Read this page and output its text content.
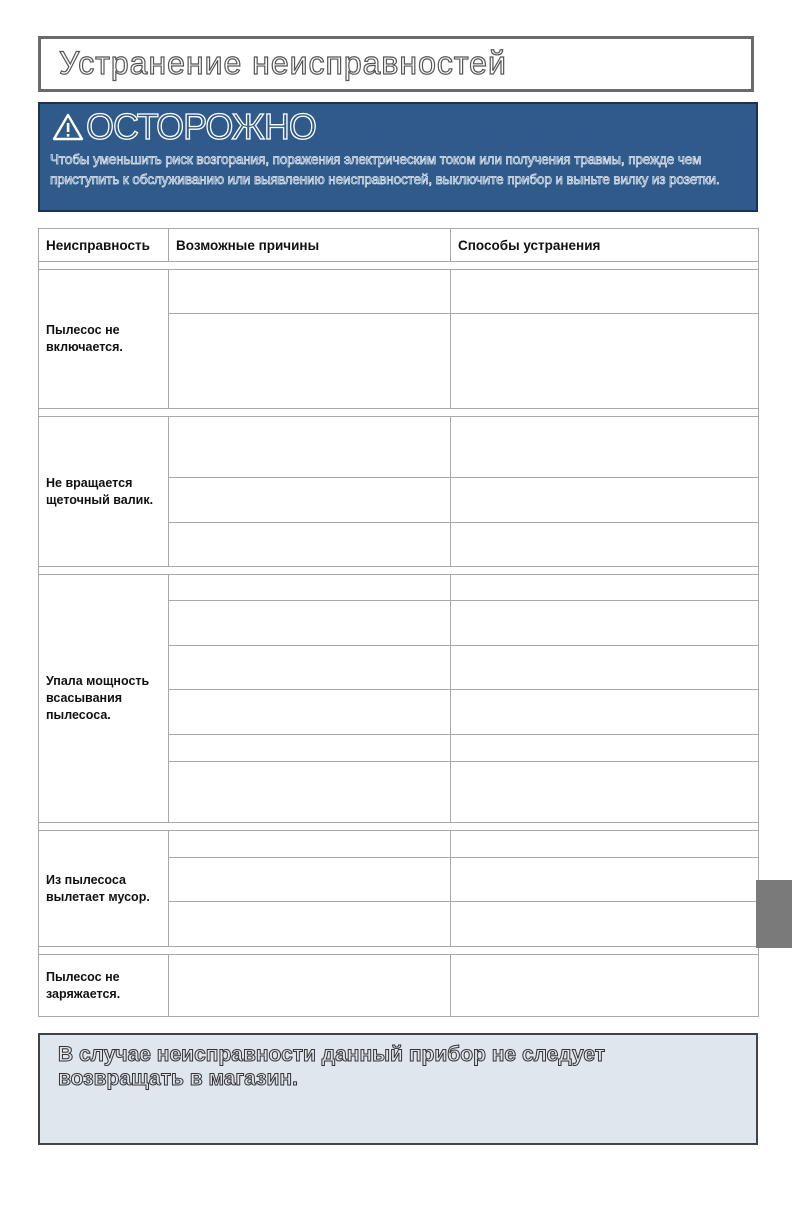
Устранение неисправностей
ОСТОРОЖНО
Чтобы уменьшить риск возгорания, поражения электрическим током или получения травмы, прежде чем приступить к обслуживанию или выявлению неисправностей, выключите прибор и выньте вилку из розетки.
Неисправность	Возможные причины	Способы устранения

Пылесос не включается.		

Не вращается щеточный валик.		

Упала мощность всасывания пылесоса.		

Из пылесоса вылетает мусор.		

Пылесос не заряжается.		
В случае неисправности данный прибор не следует возвращать в магазин.
